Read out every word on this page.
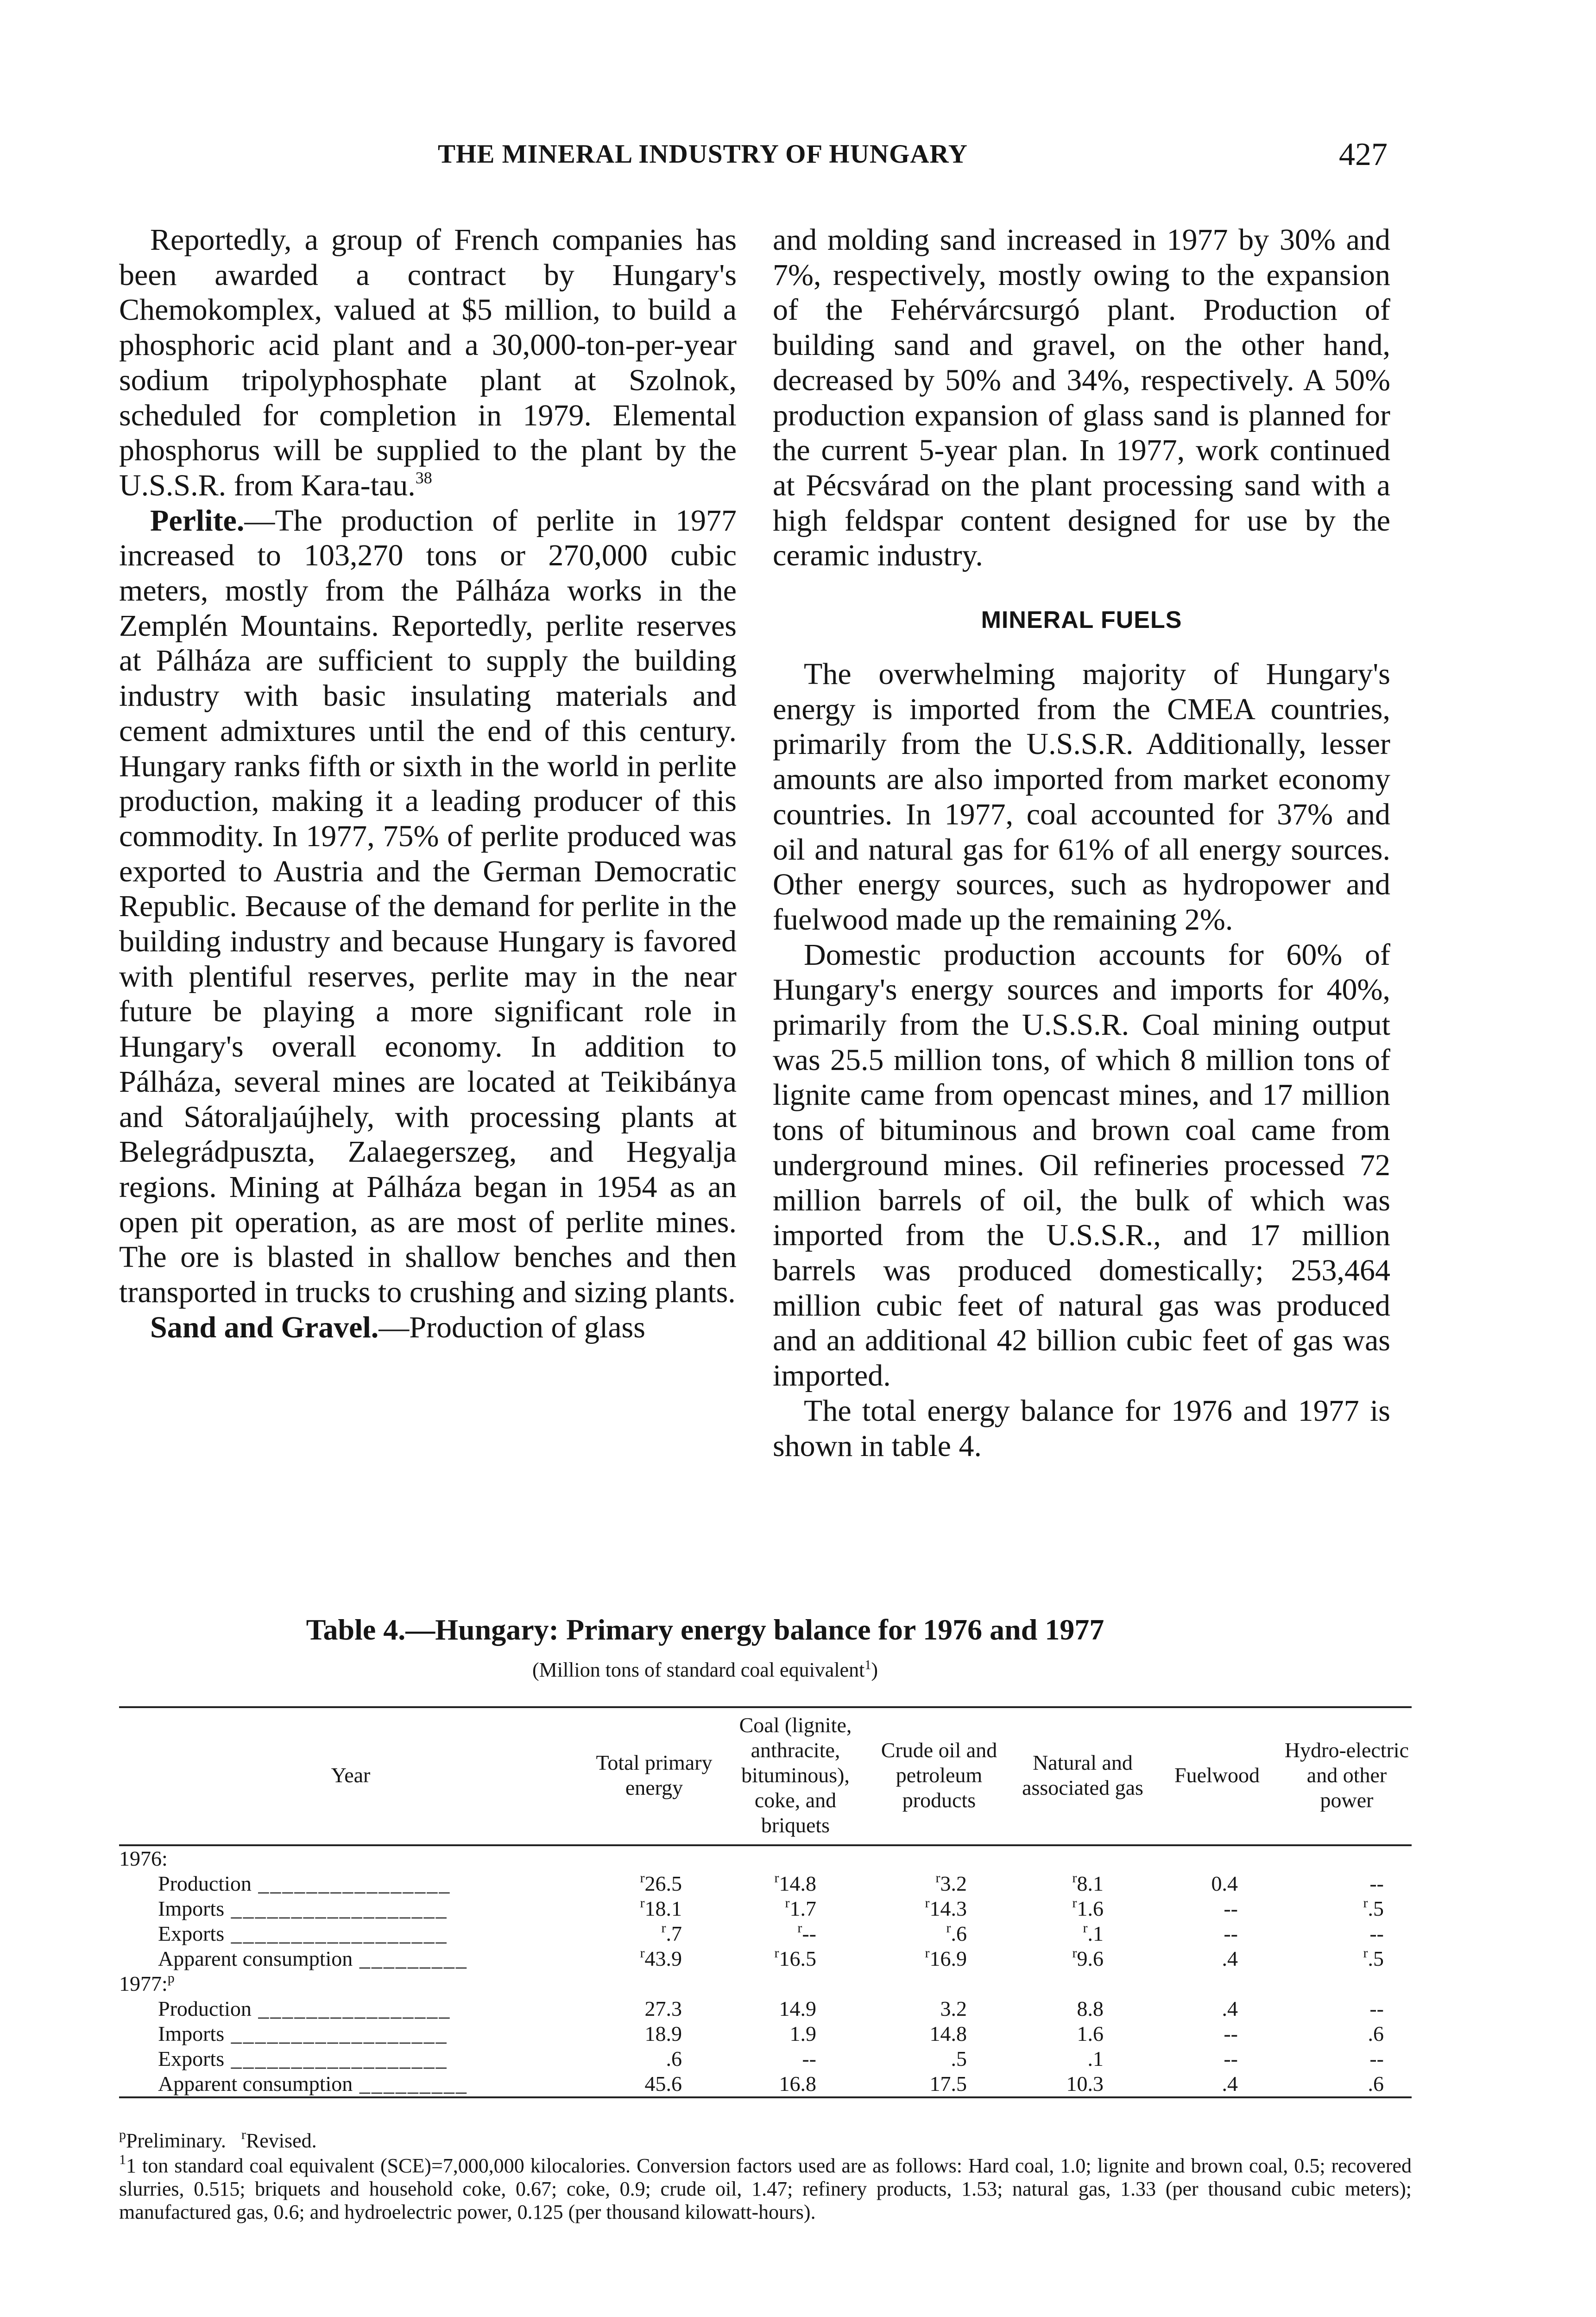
THE MINERAL INDUSTRY OF HUNGARY	427

Reportedly, a group of French companies has been awarded a contract by Hungary's Chemokomplex, valued at $5 million, to build a phosphoric acid plant and a 30,000-ton-per-year sodium tripolyphosphate plant at Szolnok, scheduled for completion in 1979. Elemental phosphorus will be supplied to the plant by the U.S.S.R. from Kara-tau.$^{38}$

Perlite.—The production of perlite in 1977 increased to 103,270 tons or 270,000 cubic meters, mostly from the Pálháza works in the Zemplén Mountains. Reportedly, perlite reserves at Pálháza are sufficient to supply the building industry with basic insulating materials and cement admixtures until the end of this century. Hungary ranks fifth or sixth in the world in perlite production, making it a leading producer of this commodity. In 1977, 75% of perlite produced was exported to Austria and the German Democratic Republic. Because of the demand for perlite in the building industry and because Hungary is favored with plentiful reserves, perlite may in the near future be playing a more significant role in Hungary's overall economy. In addition to Pálháza, several mines are located at Teikibánya and Sátoraljaújhely, with processing plants at Belegrádpuszta, Zalaegerszeg, and Hegyalja regions. Mining at Pálháza began in 1954 as an open pit operation, as are most of perlite mines. The ore is blasted in shallow benches and then transported in trucks to crushing and sizing plants.

Sand and Gravel.—Production of glass

and molding sand increased in 1977 by 30% and 7%, respectively, mostly owing to the expansion of the Fehérvárcsurgó plant. Production of building sand and gravel, on the other hand, decreased by 50% and 34%, respectively. A 50% production expansion of glass sand is planned for the current 5-year plan. In 1977, work continued at Pécsvárad on the plant processing sand with a high feldspar content designed for use by the ceramic industry.

MINERAL FUELS

The overwhelming majority of Hungary's energy is imported from the CMEA countries, primarily from the U.S.S.R. Additionally, lesser amounts are also imported from market economy countries. In 1977, coal accounted for 37% and oil and natural gas for 61% of all energy sources. Other energy sources, such as hydropower and fuelwood made up the remaining 2%.

Domestic production accounts for 60% of Hungary's energy sources and imports for 40%, primarily from the U.S.S.R. Coal mining output was 25.5 million tons, of which 8 million tons of lignite came from opencast mines, and 17 million tons of bituminous and brown coal came from underground mines. Oil refineries processed 72 million barrels of oil, the bulk of which was imported from the U.S.S.R., and 17 million barrels was produced domestically; 253,464 million cubic feet of natural gas was produced and an additional 42 billion cubic feet of gas was imported.

The total energy balance for 1976 and 1977 is shown in table 4.

Table 4.—Hungary: Primary energy balance for 1976 and 1977
(Million tons of standard coal equivalent$^1$)
Year	Total primary energy	Coal (lignite, anthracite, bituminous), coke, and briquets	Crude oil and petroleum products	Natural and associated gas	Fuelwood	Hydro-electric and other power
1976:						
Production ________________	$^r$26.5	$^r$14.8	$^r$3.2	$^r$8.1	0.4	--

Imports __________________	$^r$18.1	$^r$1.7	$^r$14.3	$^r$1.6	--	$^r$.5

Exports __________________	$^r$.7	$^r$--	$^r$.6	$^r$.1	--	--

Apparent consumption _________	$^r$43.9	$^r$16.5	$^r$16.9	$^r$9.6	.4	$^r$.5

1977:$^p$						
Production ________________	27.3	14.9	3.2	8.8	.4	--

Imports __________________	18.9	1.9	14.8	1.6	--	.6

Exports __________________	.6	--	.5	.1	--	--

Apparent consumption _________	45.6	16.8	17.5	10.3	.4	.6

$^p$Preliminary. $^r$Revised.

$^1$1 ton standard coal equivalent (SCE)=7,000,000 kilocalories. Conversion factors used are as follows: Hard coal, 1.0; lignite and brown coal, 0.5; recovered slurries, 0.515; briquets and household coke, 0.67; coke, 0.9; crude oil, 1.47; refinery products, 1.53; natural gas, 1.33 (per thousand cubic meters); manufactured gas, 0.6; and hydroelectric power, 0.125 (per thousand kilowatt-hours).
